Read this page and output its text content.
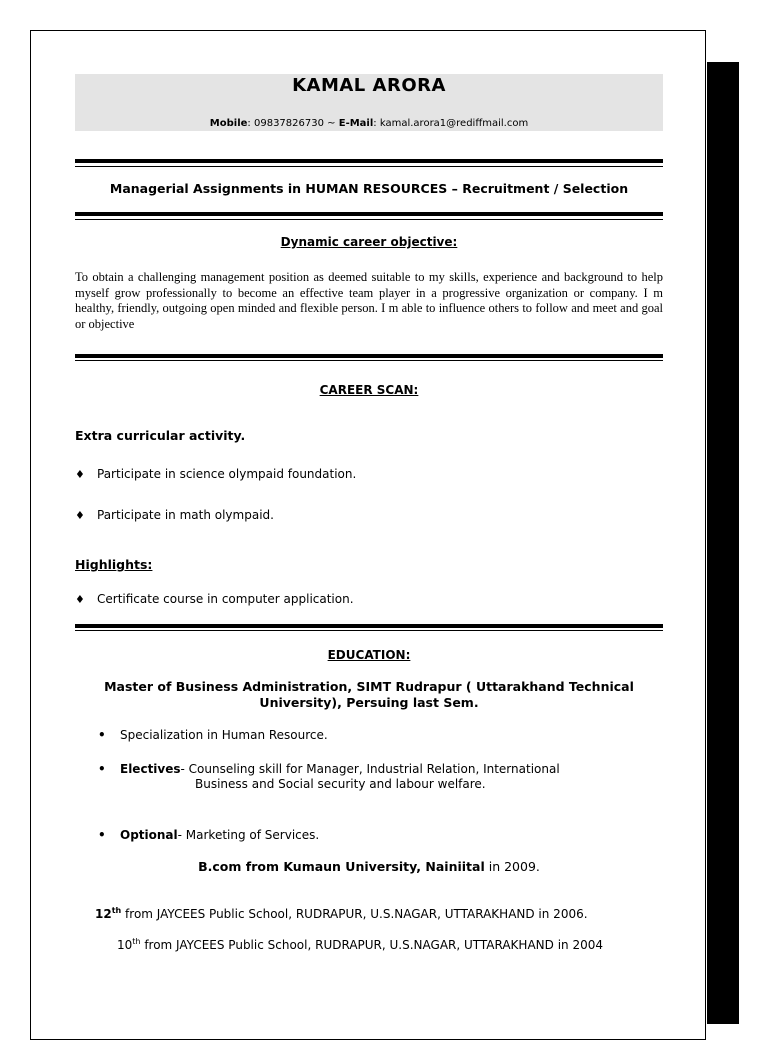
KAMAL ARORA
Mobile: 09837826730 ~ E-Mail: kamal.arora1@rediffmail.com
Managerial Assignments in HUMAN RESOURCES – Recruitment / Selection
Dynamic career objective:
To obtain a challenging management position as deemed suitable to my skills, experience and background to help myself grow professionally to become an effective team player in a progressive organization or company. I m healthy, friendly, outgoing open minded and flexible person. I m able to influence others to follow and meet and goal or objective
CAREER SCAN:
Extra curricular activity.
♦ Participate in science olympaid foundation.
♦ Participate in math olympaid.
Highlights:
♦ Certificate course in computer application.
EDUCATION:
Master of Business Administration, SIMT Rudrapur ( Uttarakhand Technical University), Persuing last Sem.
• Specialization in Human Resource.
• Electives- Counseling skill for Manager, Industrial Relation, International
Business and Social security and labour welfare.
• Optional- Marketing of Services.
B.com from Kumaun University, Nainiital in 2009.
12th from JAYCEES Public School, RUDRAPUR, U.S.NAGAR, UTTARAKHAND in 2006.
10th from JAYCEES Public School, RUDRAPUR, U.S.NAGAR, UTTARAKHAND in 2004
